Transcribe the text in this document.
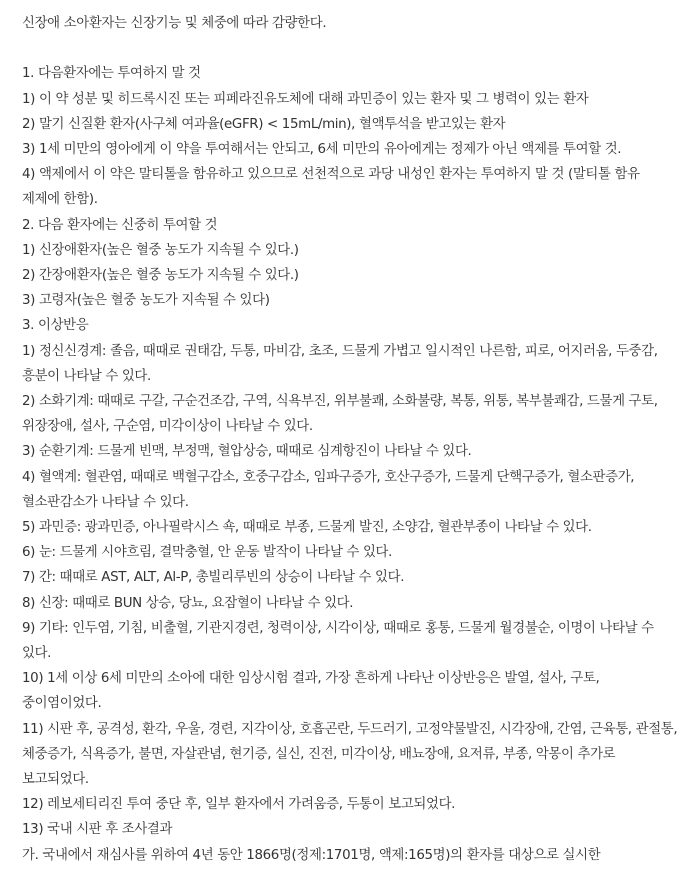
신장애 소아환자는 신장기능 및 체중에 따라 감량한다.

1. 다음환자에는 투여하지 말 것

1) 이 약 성분 및 히드록시진 또는 피페라진유도체에 대해 과민증이 있는 환자 및 그 병력이 있는 환자

2) 말기 신질환 환자(사구체 여과율(eGFR) < 15mL/min), 혈액투석을 받고있는 환자

3) 1세 미만의 영아에게 이 약을 투여해서는 안되고, 6세 미만의 유아에게는 정제가 아닌 액제를 투여할 것.

4) 액제에서 이 약은 말티톨을 함유하고 있으므로 선천적으로 과당 내성인 환자는 투여하지 말 것 (말티톨 함유 제제에 한함).

2. 다음 환자에는 신중히 투여할 것

1) 신장애환자(높은 혈중 농도가 지속될 수 있다.)

2) 간장애환자(높은 혈중 농도가 지속될 수 있다.)

3) 고령자(높은 혈중 농도가 지속될 수 있다)

3. 이상반응

1) 정신신경계: 졸음, 때때로 권태감, 두통, 마비감, 초조, 드물게 가볍고 일시적인 나른함, 피로, 어지러움, 두중감, 흥분이 나타날 수 있다.

2) 소화기계: 때때로 구갈, 구순건조감, 구역, 식욕부진, 위부불쾌, 소화불량, 복통, 위통, 복부불쾌감, 드물게 구토, 위장장애, 설사, 구순염, 미각이상이 나타날 수 있다.

3) 순환기계: 드물게 빈맥, 부정맥, 혈압상승, 때때로 심계항진이 나타날 수 있다.

4) 혈액계: 혈관염, 때때로 백혈구감소, 호중구감소, 임파구증가, 호산구증가, 드물게 단핵구증가, 혈소판증가, 혈소판감소가 나타날 수 있다.

5) 과민증: 광과민증, 아나필락시스 쇽, 때때로 부종, 드물게 발진, 소양감, 혈관부종이 나타날 수 있다.

6) 눈: 드물게 시야흐림, 결막충혈, 안 운동 발작이 나타날 수 있다.

7) 간: 때때로 AST, ALT, Al-P, 총빌리루빈의 상승이 나타날 수 있다.

8) 신장: 때때로 BUN 상승, 당뇨, 요잠혈이 나타날 수 있다.

9) 기타: 인두염, 기침, 비출혈, 기관지경련, 청력이상, 시각이상, 때때로 홍통, 드물게 월경불순, 이명이 나타날 수 있다.

10) 1세 이상 6세 미만의 소아에 대한 임상시험 결과, 가장 흔하게 나타난 이상반응은 발열, 설사, 구토, 중이염이었다.

11) 시판 후, 공격성, 환각, 우울, 경련, 지각이상, 호흡곤란, 두드러기, 고정약물발진, 시각장애, 간염, 근육통, 관절통, 체중증가, 식욕증가, 불면, 자살관념, 현기증, 실신, 진전, 미각이상, 배뇨장애, 요저류, 부종, 악몽이 추가로 보고되었다.

12) 레보세티리진 투여 중단 후, 일부 환자에서 가려움증, 두통이 보고되었다.

13) 국내 시판 후 조사결과

가. 국내에서 재심사를 위하여 4년 동안 1866명(정제:1701명, 액제:165명)의 환자를 대상으로 실시한
